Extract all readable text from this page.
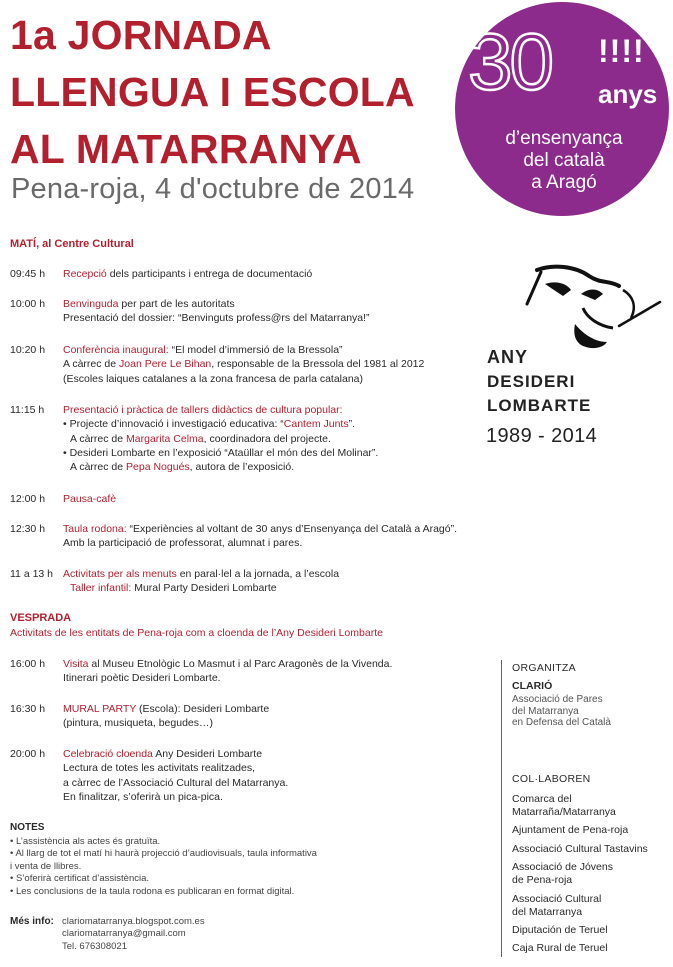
1a JORNADA
LLENGUA I ESCOLA
AL MATARRANYA
Pena-roja, 4 d'octubre de 2014
30 !!!!
anys
d’ensenyança
del català
a Aragó
MATÍ, al Centre Cultural
09:45 h	Recepció dels participants i entrega de documentació
10:00 h	Benvinguda per part de les autoritats
Presentació del dossier: “Benvinguts profess@rs del Matarranya!”
10:20 h	Conferència inaugural: “El model d’immersió de la Bressola”
A càrrec de Joan Pere Le Bihan, responsable de la Bressola del 1981 al 2012
(Escoles laiques catalanes a la zona francesa de parla catalana)
11:15 h	Presentació i pràctica de tallers didàctics de cultura popular:
• Projecte d’innovació i investigació educativa: “Cantem Junts”.
A càrrec de Margarita Celma, coordinadora del projecte.
• Desideri Lombarte en l’exposició “Ataüllar el món des del Molinar”.
A càrrec de Pepa Nogués, autora de l’exposició.
12:00 h	Pausa-cafè
12:30 h	Taula rodona: “Experiències al voltant de 30 anys d’Ensenyança del Català a Aragó”.
Amb la participació de professorat, alumnat i pares.
11 a 13 h Activitats per als menuts en paral·lel a la jornada, a l’escola
Taller infantil: Mural Party Desideri Lombarte
VESPRADA
Activitats de les entitats de Pena-roja com a cloenda de l’Any Desideri Lombarte
16:00 h	Visita al Museu Etnològic Lo Masmut i al Parc Aragonès de la Vivenda.
Itinerari poètic Desideri Lombarte.
16:30 h	MURAL PARTY (Escola): Desideri Lombarte
(pintura, musiqueta, begudes…)
20:00 h	Celebració cloenda Any Desideri Lombarte
Lectura de totes les activitats realitzades,
a càrrec de l’Associació Cultural del Matarranya.
En finalitzar, s’oferirà un pica-pica.
ANY
DESIDERI
LOMBARTE
1989 - 2014
ORGANITZA
CLARIÓ
Associació de Pares
del Matarranya
en Defensa del Català
COL·LABOREN
Comarca del
Matarraña/Matarranya
Ajuntament de Pena-roja
Associació Cultural Tastavins
Associació de Jóvens
de Pena-roja
Associació Cultural
del Matarranya
Diputación de Teruel
Caja Rural de Teruel
NOTES
• L’assistència als actes és gratuïta.
• Al llarg de tot el matí hi haurà projecció d’audiovisuals, taula informativa
i venta de llibres.
• S’oferirà certificat d’assistència.
• Les conclusions de la taula rodona es publicaran en format digital.
Més info: clariomatarranya.blogspot.com.es
clariomatarranya@gmail.com
Tel. 676308021
